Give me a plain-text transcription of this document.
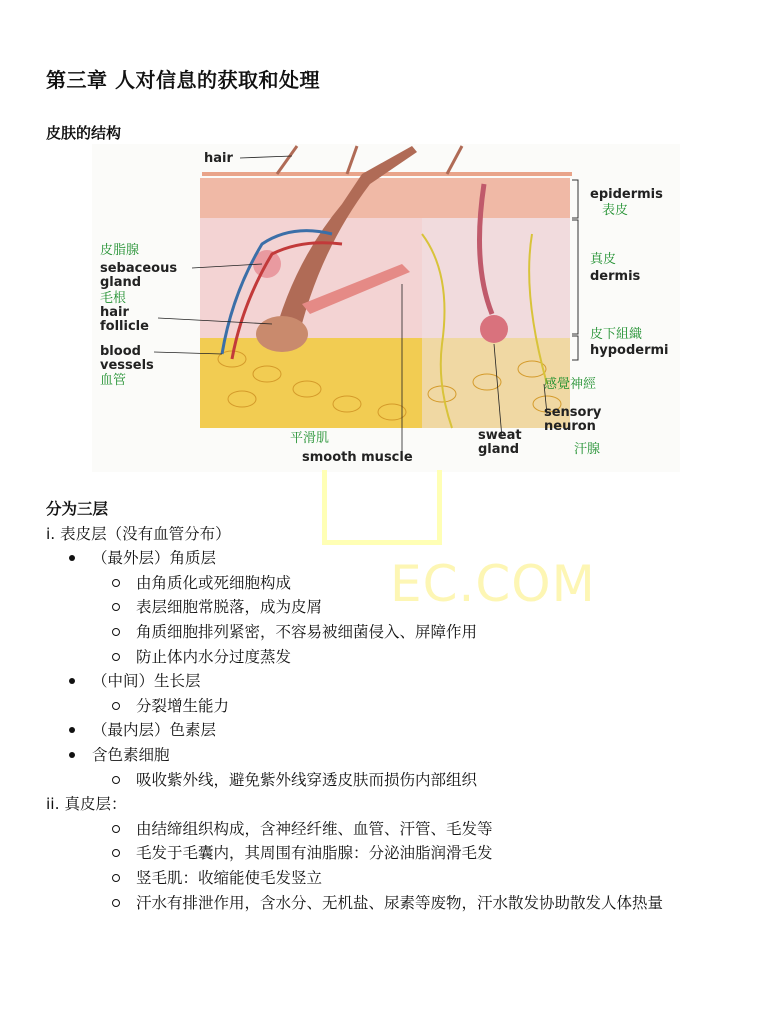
第三章 人对信息的获取和处理
皮肤的结构
hair
epidermis
dermis
hypodermi
sebaceous
gland
hair
follicle
blood
vessels
sensory
neuron
sweat
gland
smooth muscle
表皮
真皮
皮下組織
皮脂腺
毛根
血管	感覺神經
平滑肌
汗腺
EC.COM
分为三层
i. 表皮层（没有血管分布）
（最外层）角质层
由角质化或死细胞构成
表层细胞常脱落，成为皮屑
角质细胞排列紧密，不容易被细菌侵入、屏障作用
防止体内水分过度蒸发
（中间）生长层
分裂增生能力
（最内层）色素层
含色素细胞
吸收紫外线，避免紫外线穿透皮肤而损伤内部组织
ii. 真皮层：
由结缔组织构成，含神经纤维、血管、汗管、毛发等
毛发于毛囊内，其周围有油脂腺：分泌油脂润滑毛发
竖毛肌：收缩能使毛发竖立
汗水有排泄作用，含水分、无机盐、尿素等废物，汗水散发协助散发人体热量
